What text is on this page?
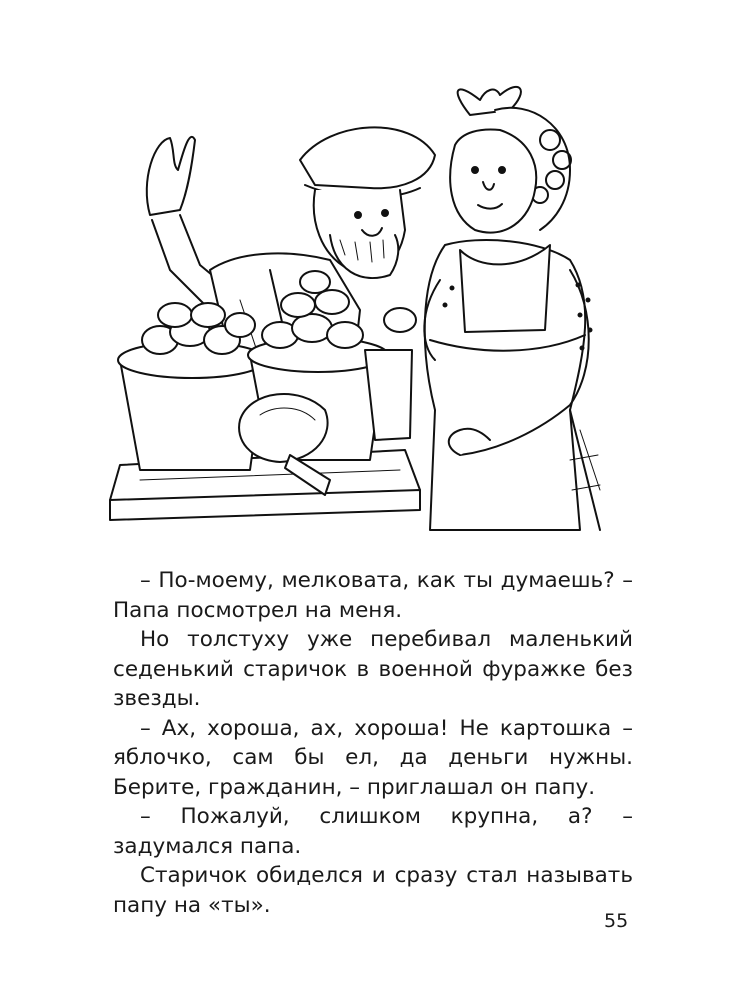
– По-моему, мелковата, как ты думаешь? – Папа посмотрел на меня.

Но толстуху уже перебивал маленький седенький старичок в военной фуражке без звезды.

– Ах, хороша, ах, хороша! Не картошка – яблочко, сам бы ел, да деньги нужны. Берите, гражданин, – приглашал он папу.

– Пожалуй, слишком крупна, а? – задумался папа.

Старичок обиделся и сразу стал называть папу на «ты».

55
